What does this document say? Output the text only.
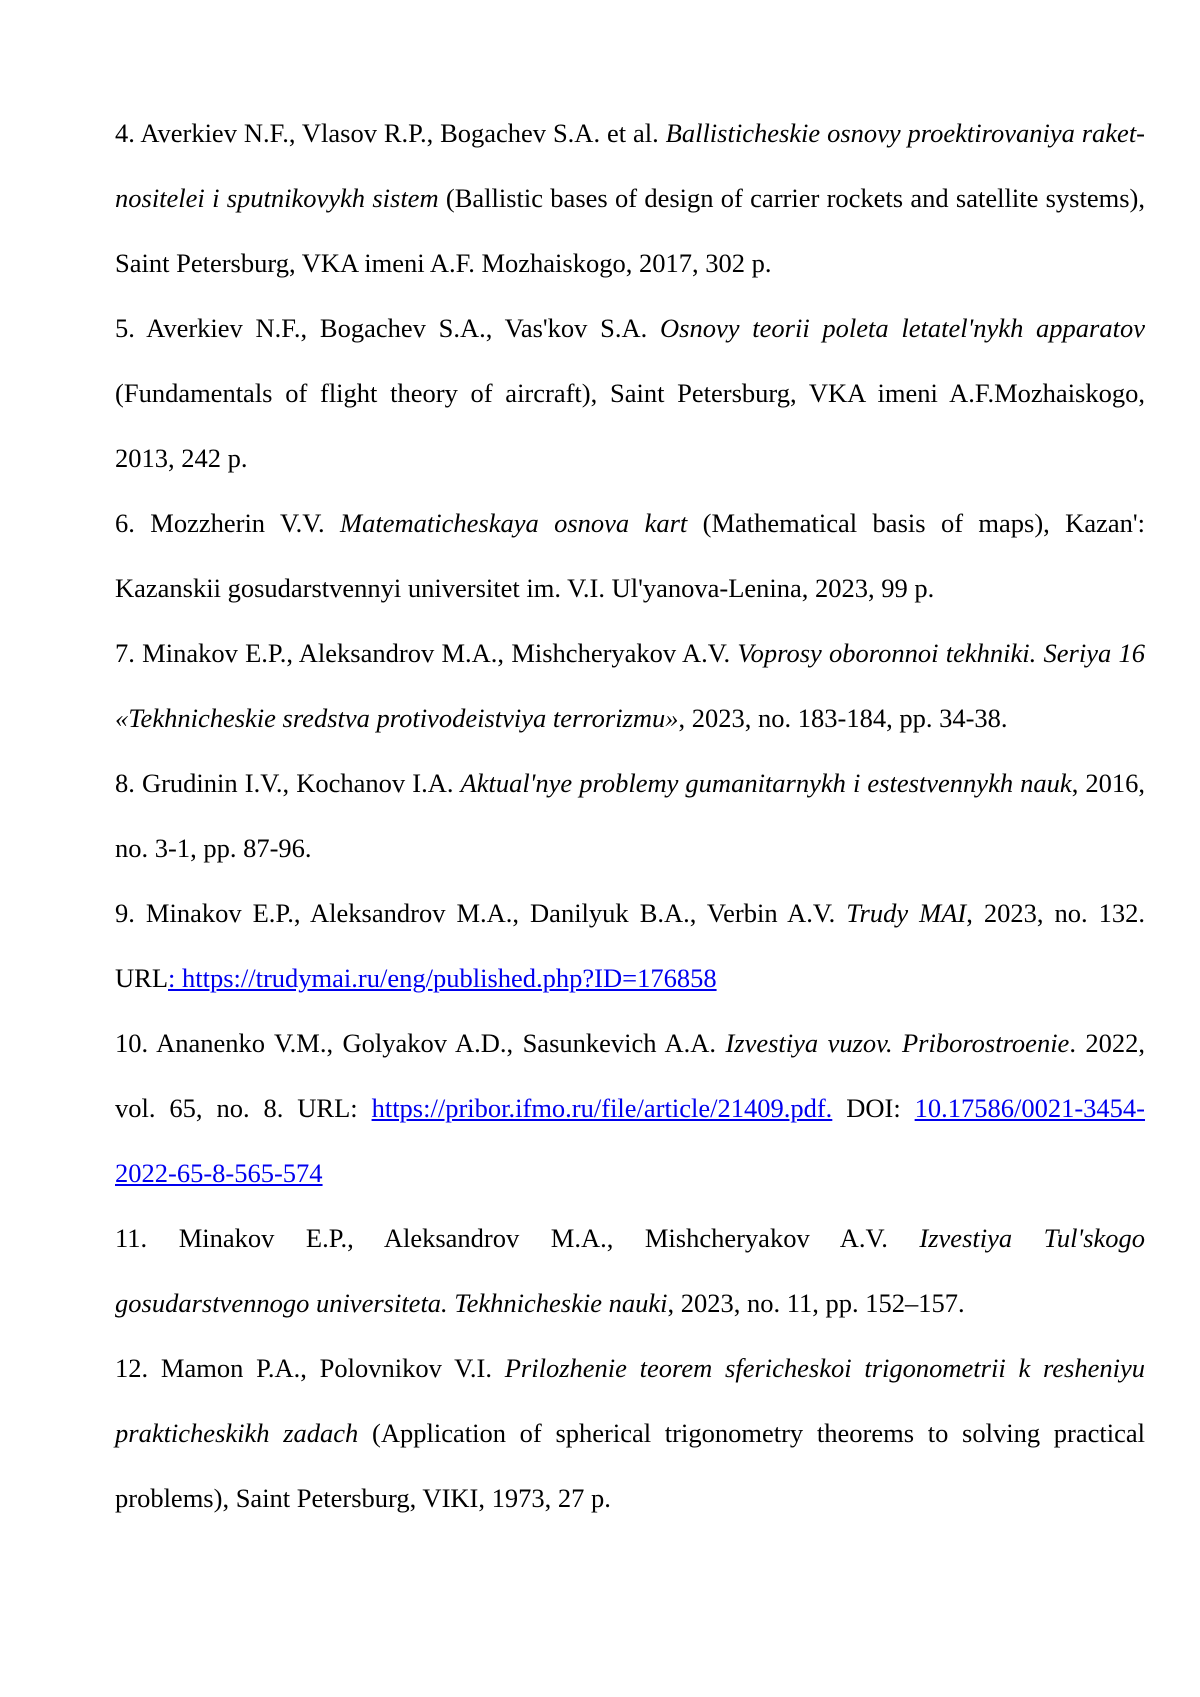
4. Averkiev N.F., Vlasov R.P., Bogachev S.A. et al. Ballisticheskie osnovy proektirovaniya raket-nositelei i sputnikovykh sistem (Ballistic bases of design of carrier rockets and satellite systems), Saint Petersburg, VKA imeni A.F. Mozhaiskogo, 2017, 302 p.

5. Averkiev N.F., Bogachev S.A., Vas'kov S.A. Osnovy teorii poleta letatel'nykh apparatov (Fundamentals of flight theory of aircraft), Saint Petersburg, VKA imeni A.F.Mozhaiskogo, 2013, 242 p.

6. Mozzherin V.V. Matematicheskaya osnova kart (Mathematical basis of maps), Kazan': Kazanskii gosudarstvennyi universitet im. V.I. Ul'yanova-Lenina, 2023, 99 p.

7. Minakov E.P., Aleksandrov M.A., Mishcheryakov A.V. Voprosy oboronnoi tekhniki. Seriya 16 «Tekhnicheskie sredstva protivodeistviya terrorizmu», 2023, no. 183-184, pp. 34-38.

8. Grudinin I.V., Kochanov I.A. Aktual'nye problemy gumanitarnykh i estestvennykh nauk, 2016, no. 3-1, pp. 87-96.

9. Minakov E.P., Aleksandrov M.A., Danilyuk B.A., Verbin A.V. Trudy MAI, 2023, no. 132. URL: https://trudymai.ru/eng/published.php?ID=176858

10. Ananenko V.M., Golyakov A.D., Sasunkevich A.A. Izvestiya vuzov. Priborostroenie. 2022, vol. 65, no. 8. URL: https://pribor.ifmo.ru/file/article/21409.pdf. DOI: 10.17586/0021-3454-2022-65-8-565-574

11. Minakov E.P., Aleksandrov M.A., Mishcheryakov A.V. Izvestiya Tul'skogo gosudarstvennogo universiteta. Tekhnicheskie nauki, 2023, no. 11, pp. 152–157.

12. Mamon P.A., Polovnikov V.I. Prilozhenie teorem sfericheskoi trigonometrii k resheniyu prakticheskikh zadach (Application of spherical trigonometry theorems to solving practical problems), Saint Petersburg, VIKI, 1973, 27 p.
